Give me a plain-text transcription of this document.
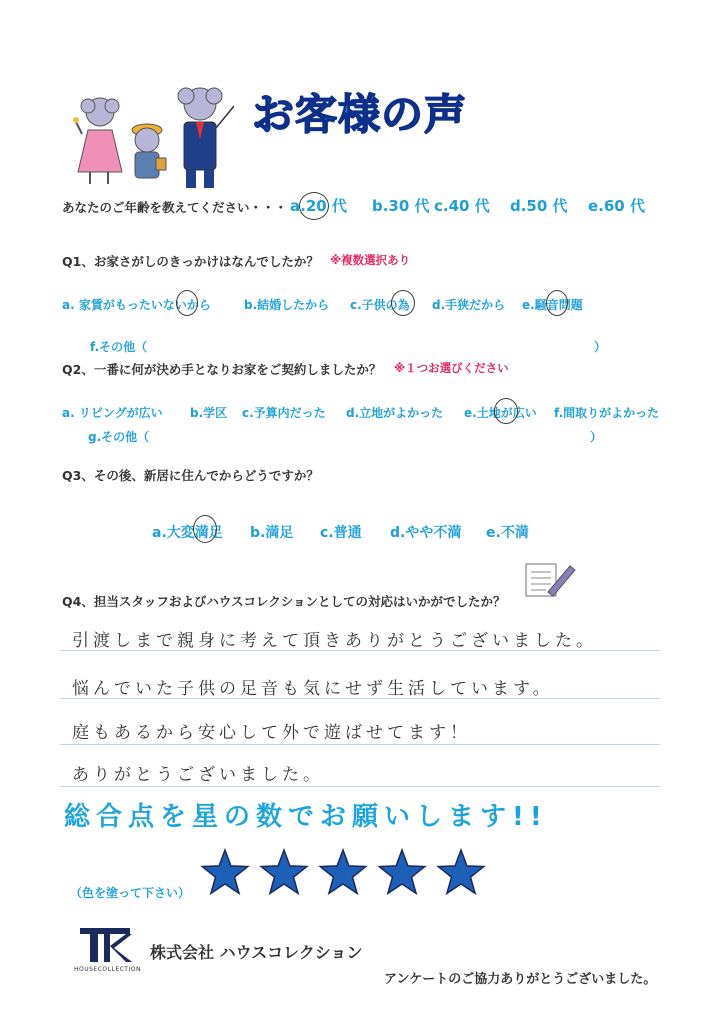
お客様の声
あなたのご年齢を教えてください・・・ a.20 代 b.30 代 c.40 代 d.50 代 e.60 代
Q1、お家さがしのきっかけはなんでしたか？ ※複数選択あり
a. 家賃がもったいないから	b.結婚したから c.子供の為 d.手狭だから e.騒音問題
f.その他（	）
Q2、一番に何が決め手となりお家をご契約しましたか？ ※１つお選びください
a. リビングが広い b.学区 c.予算内だった d.立地がよかった e.土地が広い f.間取りがよかった
g.その他（	）
Q3、その後、新居に住んでからどうですか？
a.大変満足 b.満足 c.普通 d.やや不満 e.不満
Q4、担当スタッフおよびハウスコレクションとしての対応はいかがでしたか？
引渡しまで親身に考えて頂きありがとうございました。
悩んでいた子供の足音も気にせず生活しています。
庭もあるから安心して外で遊ばせてます！
ありがとうございました。
総合点を星の数でお願いします!!
（色を塗って下さい）
HOUSECOLLECTION
株式会社 ハウスコレクション
アンケートのご協力ありがとうございました。
